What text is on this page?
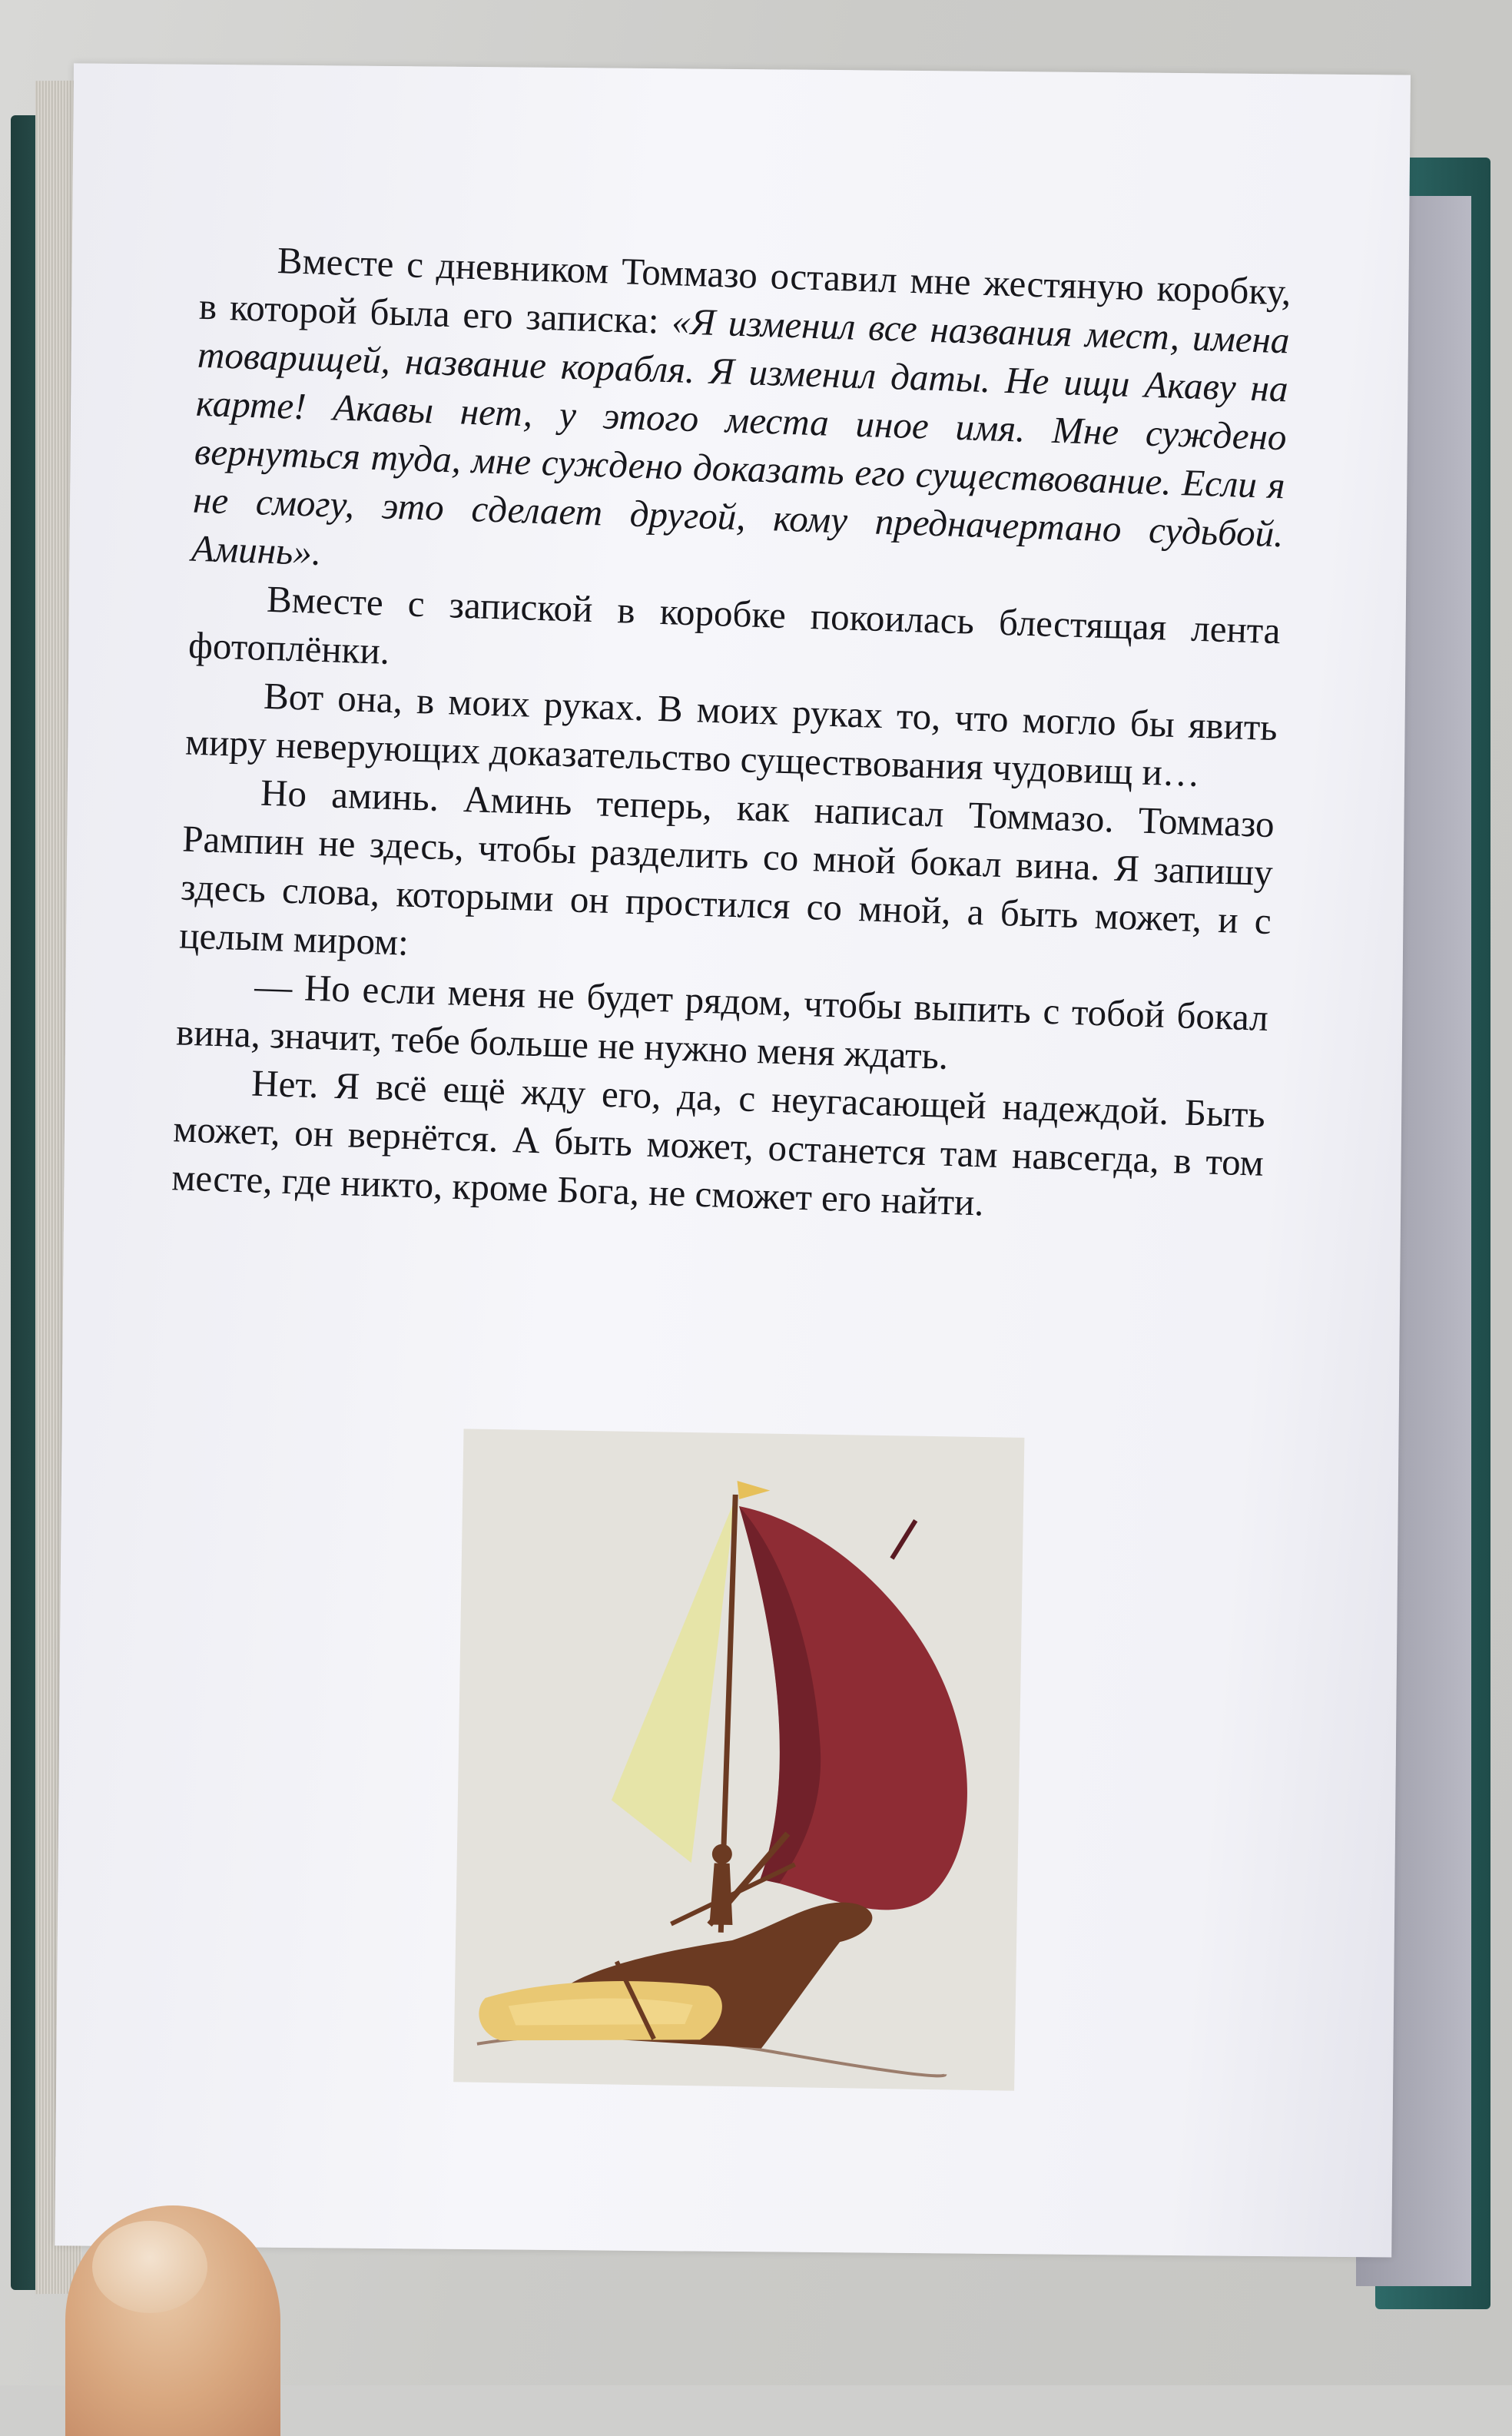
Вместе с дневником Томмазо оставил мне жестяную коробку, в которой была его записка: «Я изменил все названия мест, имена товарищей, название корабля. Я изменил даты. Не ищи Акаву на карте! Акавы нет, у этого места иное имя. Мне суждено вернуться туда, мне суждено доказать его существование. Если я не смогу, это сделает другой, кому предначертано судьбой. Аминь».

Вместе с запиской в коробке покоилась блестящая лента фотоплёнки.

Вот она, в моих руках. В моих руках то, что могло бы явить миру неверующих доказательство существования чудовищ и…

Но аминь. Аминь теперь, как написал Томмазо. Томмазо Рампин не здесь, чтобы разделить со мной бокал вина. Я запишу здесь слова, которыми он простился со мной, а быть может, и с целым миром:

— Но если меня не будет рядом, чтобы выпить с тобой бокал вина, значит, тебе больше не нужно меня ждать.

Нет. Я всё ещё жду его, да, с неугасающей надеждой. Быть может, он вернётся. А быть может, останется там навсегда, в том месте, где никто, кроме Бога, не сможет его найти.
